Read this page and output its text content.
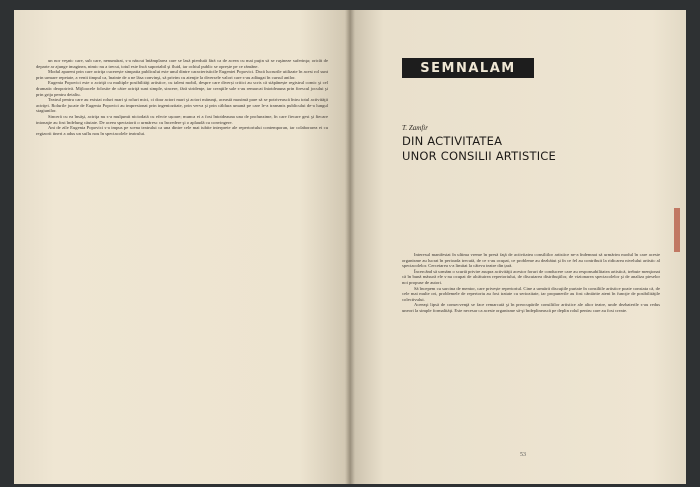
un nor veşnic care, sub care, nenumărat, s-a născut întâmplarea care se lasă pierdută fără ca de aceea cu mai puţin să se ruşineze suferinţa; oricât de departe ar ajunge imaginea, nimic nu a trecut, totul este încă suportabil şi fluid, iar ochiul public se oprește pe ce rămâne.

Modul aparent prin care actriţa cucerește simpatia publicului este unul dintre caracteristicile Eugeniei Popovici. Dacă lucrurile utilizate în acest rol sunt prin urmare repetate, a venit timpul ca, înainte de a ne lăsa convinşi, să privim cu atenţie la diversele valori care s-au adăugat în cursul anilor.

Eugenia Popovici este o actriţă cu multiple posibilităţi artistice, cu talent mobil, despre care diverși critici au scris că stăpânește registrul comic şi cel dramatic deopotrivă. Mijloacele folosite de către actriţă sunt simple, sincere, fără stridenţe, iar creaţiile sale s-au remarcat întotdeauna prin firescul jocului şi prin grija pentru detaliu.

Teatrul pentru care au existat roluri mari şi roluri mici, ci doar actori mari şi actori mărunţi, această maximă pare să se potrivească întru totul activităţii actriţei. Rolurile jucate de Eugenia Popovici au impresionat prin ingeniozitate, prin verva şi prin căldura umană pe care le-a transmis publicului de-a lungul stagiunilor.

Sinceră cu ea însăşi, actriţa nu s-a mulţumit niciodată cu efecte ușoare; munca ei a fost întotdeauna una de profunzime, în care fiecare gest şi fiecare intonaţie au fost îndelung căutate. De aceea spectatorii o urmăresc cu încredere şi o aplaudă cu convingere.

Ani de zile Eugenia Popovici s-a impus pe scena teatrului ca una dintre cele mai iubite interprete ale repertoriului contemporan, iar colaborarea ei cu regizorii tineri a adus un suflu nou în spectacolele teatrului.

SEMNALAM
T. Zamfir
DIN ACTIVITATEA
UNOR CONSILII ARTISTICE

Interesul manifestat în ultima vreme în presă faţă de activitatea consiliilor artistice ne-a îndemnat să urmărim modul în care aceste organisme au lucrat în perioada trecută, de ce s-au ocupat, ce probleme au dezbătut şi în ce fel au contribuit la ridicarea nivelului artistic al spectacolelor. Cercetarea s-a limitat la câteva teatre din țară.

Încercând să urmăm o scurtă privire asupra activităţii acestor foruri de conducere care au responsabilitatea artistică, trebuie menţionat că în bună măsură ele s-au ocupat de alcătuirea repertoriului, de discutarea distribuţiilor, de vizionarea spectacolelor şi de analiza pieselor noi propuse de autori.

Să începem cu sarcina de mentor, care privește repertoriul. Cine a urmărit discuţiile purtate în consiliile artistice poate constata că, de cele mai multe ori, problemele de repertoriu au fost tratate cu seriozitate, iar propunerile au fost cântărite atent în funcţie de posibilităţile colectivului.

Aceeaşi lipsă de consecvenţă se face remarcată şi în preocupările consiliilor artistice ale altor teatre, unde dezbaterile s-au redus uneori la simple formalităţi. Este necesar ca aceste organisme să-şi îndeplinească pe deplin rolul pentru care au fost create.

53
